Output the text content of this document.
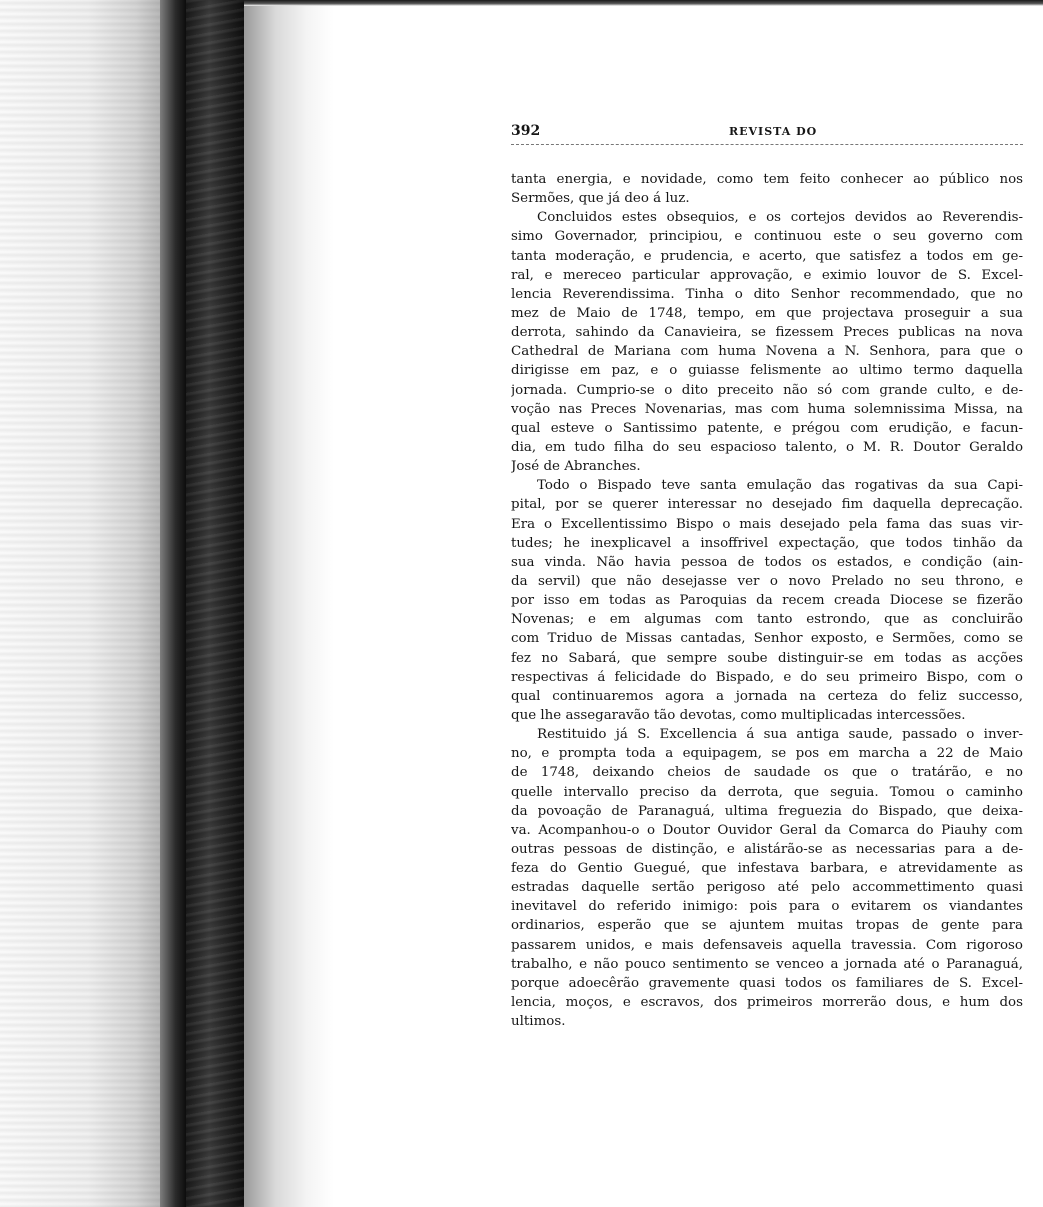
392	REVISTA DO
tanta energia, e novidade, como tem feito conhecer ao público nos
Sermões, que já deo á luz.
Concluidos estes obsequios, e os cortejos devidos ao Reverendis-
simo Governador, principiou, e continuou este o seu governo com
tanta moderação, e prudencia, e acerto, que satisfez a todos em ge-
ral, e mereceo particular approvação, e eximio louvor de S. Excel-
lencia Reverendissima. Tinha o dito Senhor recommendado, que no
mez de Maio de 1748, tempo, em que projectava proseguir a sua
derrota, sahindo da Canavieira, se fizessem Preces publicas na nova
Cathedral de Mariana com huma Novena a N. Senhora, para que o
dirigisse em paz, e o guiasse felismente ao ultimo termo daquella
jornada. Cumprio-se o dito preceito não só com grande culto, e de-
voção nas Preces Novenarias, mas com huma solemnissima Missa, na
qual esteve o Santissimo patente, e prégou com erudição, e facun-
dia, em tudo filha do seu espacioso talento, o M. R. Doutor Geraldo
José de Abranches.
Todo o Bispado teve santa emulação das rogativas da sua Capi-
pital, por se querer interessar no desejado fim daquella deprecação.
Era o Excellentissimo Bispo o mais desejado pela fama das suas vir-
tudes; he inexplicavel a insoffrivel expectação, que todos tinhão da
sua vinda. Não havia pessoa de todos os estados, e condição (ain-
da servil) que não desejasse ver o novo Prelado no seu throno, e
por isso em todas as Paroquias da recem creada Diocese se fizerão
Novenas; e em algumas com tanto estrondo, que as concluirão
com Triduo de Missas cantadas, Senhor exposto, e Sermões, como se
fez no Sabará, que sempre soube distinguir-se em todas as acções
respectivas á felicidade do Bispado, e do seu primeiro Bispo, com o
qual continuaremos agora a jornada na certeza do feliz successo,
que lhe assegaravão tão devotas, como multiplicadas intercessões.
Restituido já S. Excellencia á sua antiga saude, passado o inver-
no, e prompta toda a equipagem, se pos em marcha a 22 de Maio
de 1748, deixando cheios de saudade os que o tratárão, e no
quelle intervallo preciso da derrota, que seguia. Tomou o caminho
da povoação de Paranaguá, ultima freguezia do Bispado, que deixa-
va. Acompanhou-o o Doutor Ouvidor Geral da Comarca do Piauhy com
outras pessoas de distinção, e alistárão-se as necessarias para a de-
feza do Gentio Guegué, que infestava barbara, e atrevidamente as
estradas daquelle sertão perigoso até pelo accommettimento quasi
inevitavel do referido inimigo: pois para o evitarem os viandantes
ordinarios, esperão que se ajuntem muitas tropas de gente para
passarem unidos, e mais defensaveis aquella travessia. Com rigoroso
trabalho, e não pouco sentimento se venceo a jornada até o Paranaguá,
porque adoecêrão gravemente quasi todos os familiares de S. Excel-
lencia, moços, e escravos, dos primeiros morrerão dous, e hum dos
ultimos.
